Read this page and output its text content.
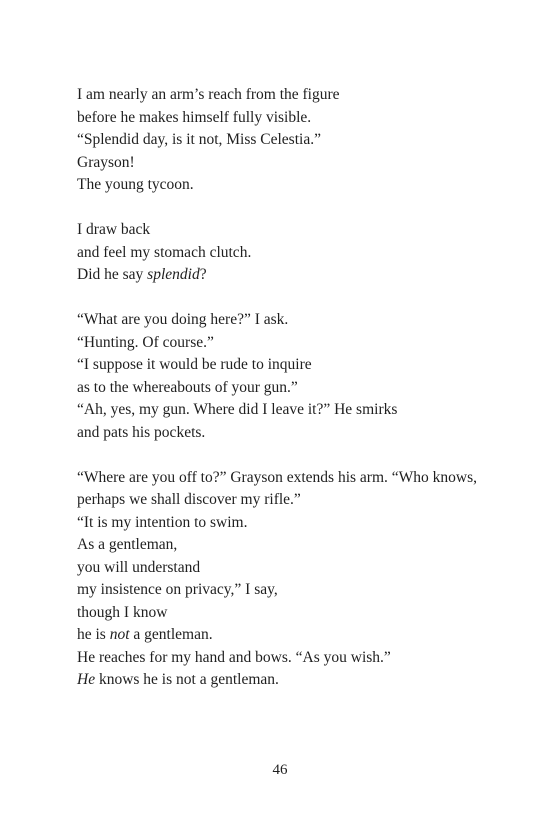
I am nearly an arm’s reach from the figure
before he makes himself fully visible.
“Splendid day, is it not, Miss Celestia.”
Grayson!
The young tycoon.
I draw back
and feel my stomach clutch.
Did he say splendid?
“What are you doing here?” I ask.
“Hunting. Of course.”
“I suppose it would be rude to inquire
as to the whereabouts of your gun.”
“Ah, yes, my gun. Where did I leave it?” He smirks
and pats his pockets.
“Where are you off to?” Grayson extends his arm. “Who knows,
perhaps we shall discover my rifle.”
“It is my intention to swim.
As a gentleman,
you will understand
my insistence on privacy,” I say,
though I know
he is not a gentleman.
He reaches for my hand and bows. “As you wish.”
He knows he is not a gentleman.
46
